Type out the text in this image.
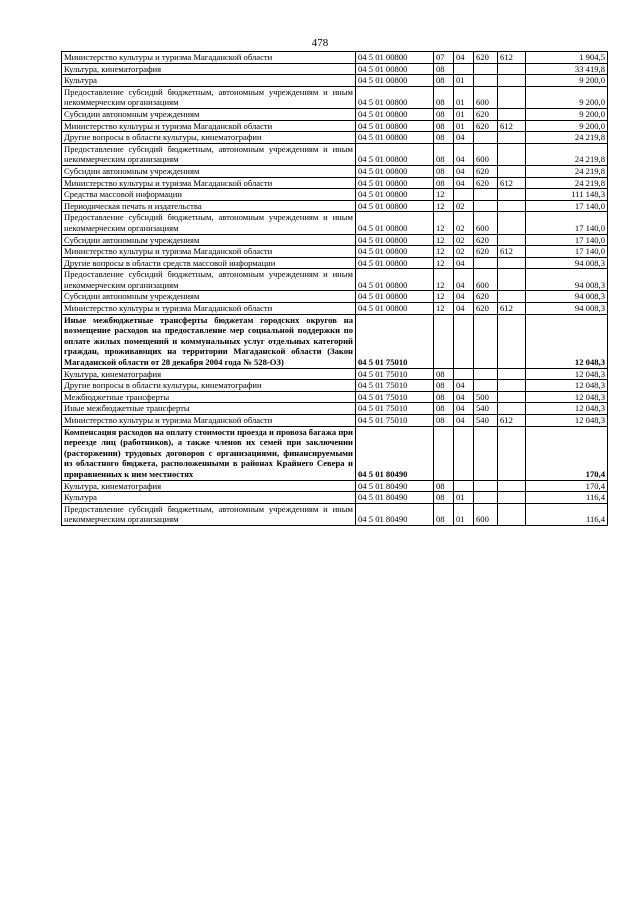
478
Министерство культуры и туризма Магаданской области	04 5 01 00800	07	04	620	612	1 904,5
Культура, кинематография	04 5 01 00800	08				33 419,8
Культура	04 5 01 00800	08	01			9 200,0
Предоставление субсидий бюджетным, автономным учреждениям и иным некоммерческим организациям	04 5 01 00800	08	01	600		9 200,0
Субсидии автономным учреждениям	04 5 01 00800	08	01	620		9 200,0
Министерство культуры и туризма Магаданской области	04 5 01 00800	08	01	620	612	9 200,0
Другие вопросы в области культуры, кинематографии	04 5 01 00800	08	04			24 219,8
Предоставление субсидий бюджетным, автономным учреждениям и иным некоммерческим организациям	04 5 01 00800	08	04	600		24 219,8
Субсидии автономным учреждениям	04 5 01 00800	08	04	620		24 219,8
Министерство культуры и туризма Магаданской области	04 5 01 00800	08	04	620	612	24 219,8
Средства массовой информации	04 5 01 00800	12				111 148,3
Периодическая печать и издательства	04 5 01 00800	12	02			17 140,0
Предоставление субсидий бюджетным, автономным учреждениям и иным некоммерческим организациям	04 5 01 00800	12	02	600		17 140,0
Субсидии автономным учреждениям	04 5 01 00800	12	02	620		17 140,0
Министерство культуры и туризма Магаданской области	04 5 01 00800	12	02	620	612	17 140,0
Другие вопросы в области средств массовой информации	04 5 01 00800	12	04			94 008,3
Предоставление субсидий бюджетным, автономным учреждениям и иным некоммерческим организациям	04 5 01 00800	12	04	600		94 008,3
Субсидии автономным учреждениям	04 5 01 00800	12	04	620		94 008,3
Министерство культуры и туризма Магаданской области	04 5 01 00800	12	04	620	612	94 008,3
Иные межбюджетные трансферты бюджетам городских округов на возмещение расходов на предоставление мер социальной поддержки по оплате жилых помещений и коммунальных услуг отдельных категорий граждан, проживающих на территории Магаданской области (Закон Магаданской области от 28 декабря 2004 года № 528-ОЗ)	04 5 01 75010					12 048,3
Культура, кинематография	04 5 01 75010	08				12 048,3
Другие вопросы в области культуры, кинематографии	04 5 01 75010	08	04			12 048,3
Межбюджетные трансферты	04 5 01 75010	08	04	500		12 048,3
Иные межбюджетные трансферты	04 5 01 75010	08	04	540		12 048,3
Министерство культуры и туризма Магаданской области	04 5 01 75010	08	04	540	612	12 048,3
Компенсация расходов на оплату стоимости проезда и провоза багажа при переезде лиц (работников), а также членов их семей при заключении (расторжении) трудовых договоров с организациями, финансируемыми из областного бюджета, расположенными в районах Крайнего Севера и приравненных к ним местностях	04 5 01 80490					170,4
Культура, кинематография	04 5 01 80490	08				170,4
Культура	04 5 01 80490	08	01			116,4
Предоставление субсидий бюджетным, автономным учреждениям и иным некоммерческим организациям	04 5 01 80490	08	01	600		116,4
